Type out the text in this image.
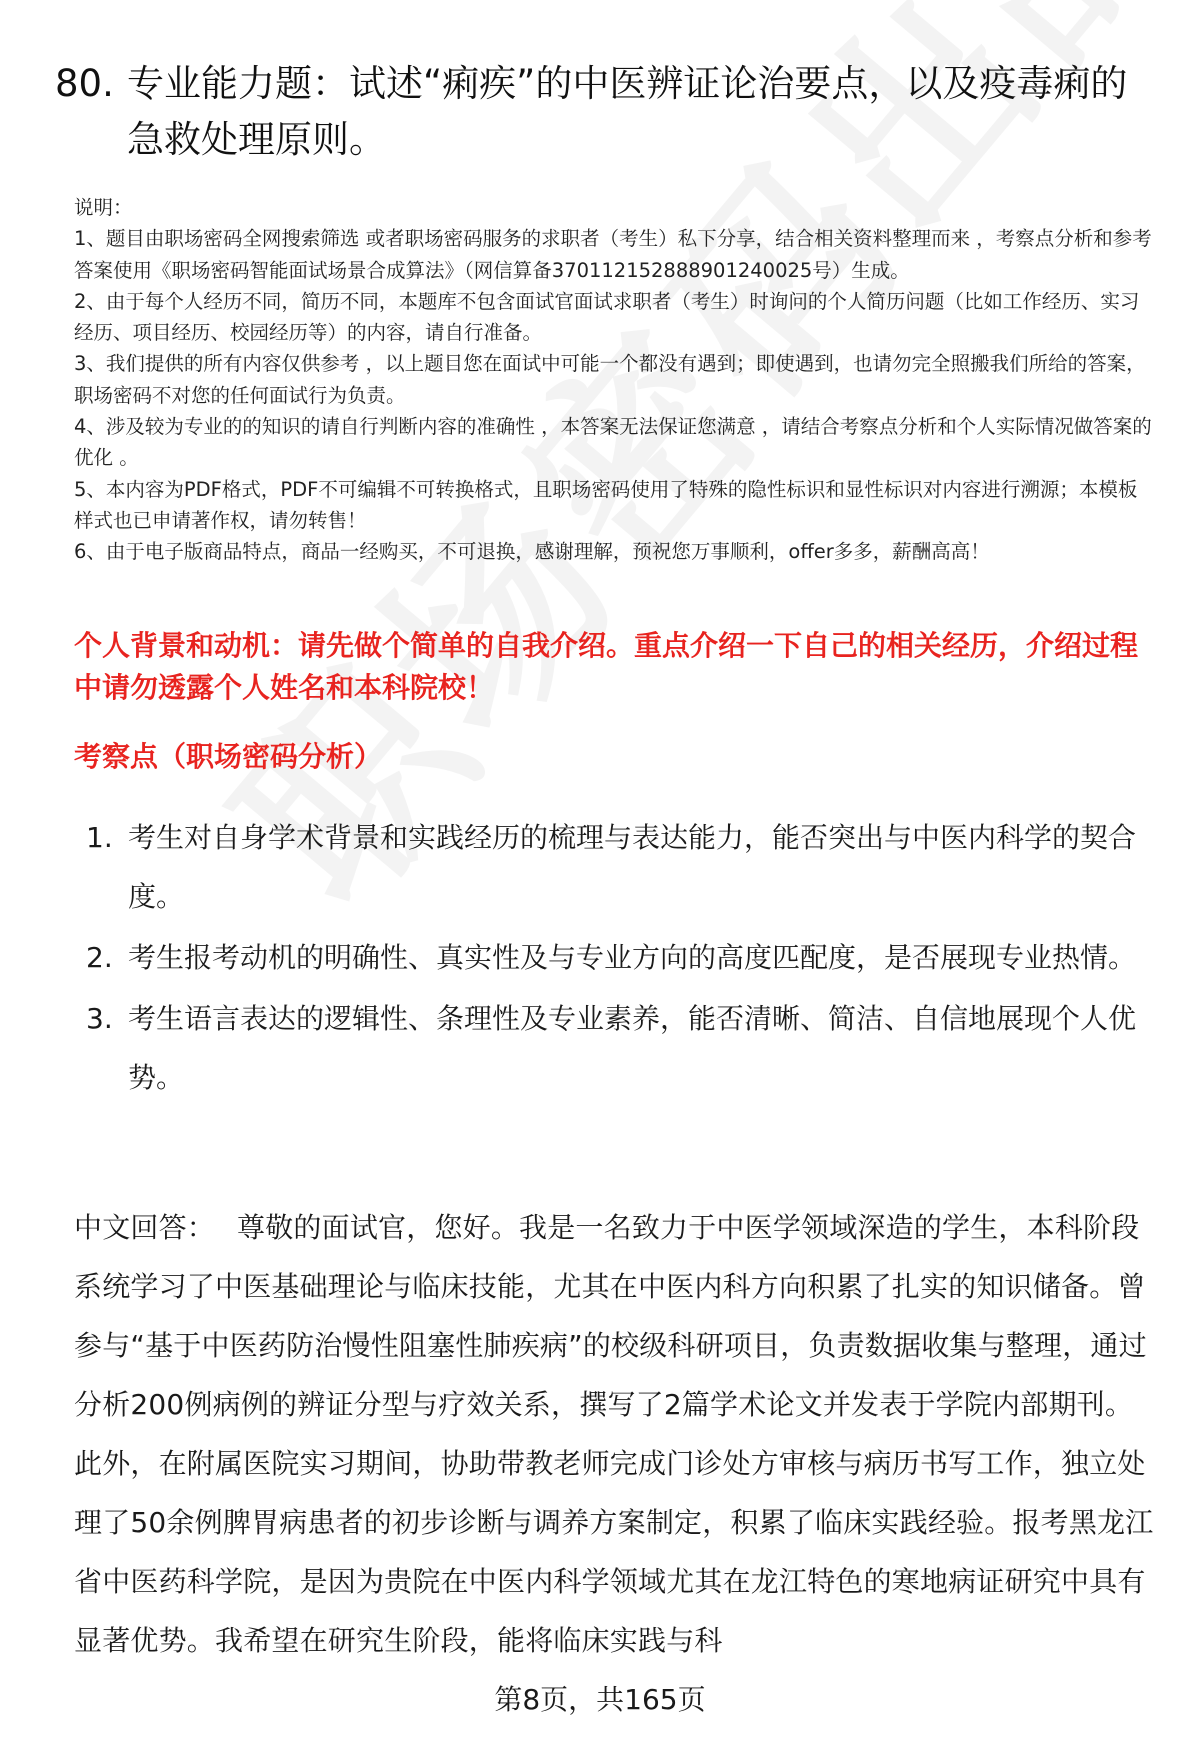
80. 专业能力题：试述“痢疾”的中医辨证论治要点，以及疫毒痢的急救处理原则。

说明：

1、题目由职场密码全网搜索筛选 或者职场密码服务的求职者（考生）私下分享，结合相关资料整理而来 ，考察点分析和参考答案使用《职场密码智能面试场景合成算法》（网信算备370112152888901240025号）生成。

2、由于每个人经历不同，简历不同，本题库不包含面试官面试求职者（考生）时询问的个人简历问题（比如工作经历、实习经历、项目经历、校园经历等）的内容，请自行准备。

3、我们提供的所有内容仅供参考 ，以上题目您在面试中可能一个都没有遇到；即使遇到，也请勿完全照搬我们所给的答案，职场密码不对您的任何面试行为负责。

4、涉及较为专业的的知识的请自行判断内容的准确性 ，本答案无法保证您满意 ，请结合考察点分析和个人实际情况做答案的优化 。

5、本内容为PDF格式，PDF不可编辑不可转换格式，且职场密码使用了特殊的隐性标识和显性标识对内容进行溯源；本模板样式也已申请著作权，请勿转售！

6、由于电子版商品特点，商品一经购买，不可退换，感谢理解，预祝您万事顺利，offer多多，薪酬高高！

个人背景和动机：请先做个简单的自我介绍。重点介绍一下自己的相关经历，介绍过程中请勿透露个人姓名和本科院校！
考察点（职场密码分析）
1. 考生对自身学术背景和实践经历的梳理与表达能力，能否突出与中医内科学的契合度。
2. 考生报考动机的明确性、真实性及与专业方向的高度匹配度，是否展现专业热情。
3. 考生语言表达的逻辑性、条理性及专业素养，能否清晰、简洁、自信地展现个人优势。
中文回答： 尊敬的面试官，您好。我是一名致力于中医学领域深造的学生，本科阶段系统学习了中医基础理论与临床技能，尤其在中医内科方向积累了扎实的知识储备。曾参与“基于中医药防治慢性阻塞性肺疾病”的校级科研项目，负责数据收集与整理，通过分析200例病例的辨证分型与疗效关系，撰写了2篇学术论文并发表于学院内部期刊。此外，在附属医院实习期间，协助带教老师完成门诊处方审核与病历书写工作，独立处理了50余例脾胃病患者的初步诊断与调养方案制定，积累了临床实践经验。报考黑龙江省中医药科学院，是因为贵院在中医内科学领域尤其在龙江特色的寒地病证研究中具有显著优势。我希望在研究生阶段，能将临床实践与科
第8页，共165页
